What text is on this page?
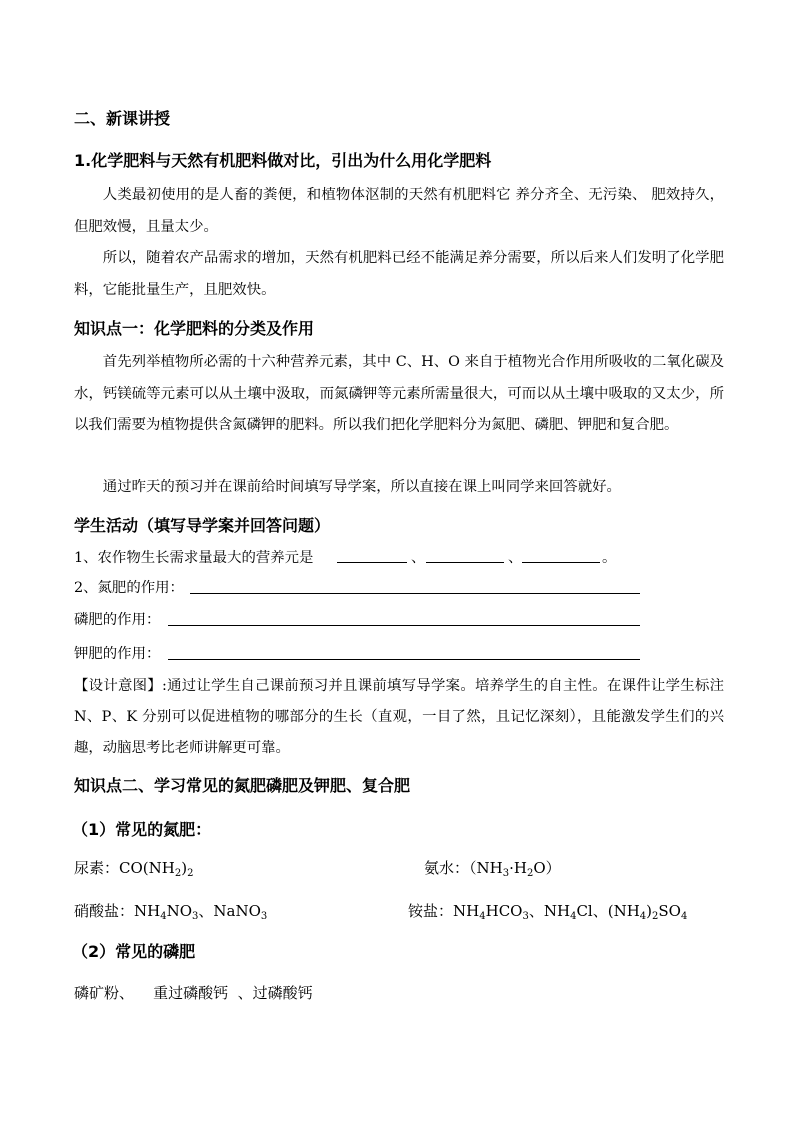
二、新课讲授
1.化学肥料与天然有机肥料做对比，引出为什么用化学肥料

人类最初使用的是人畜的粪便，和植物体沤制的天然有机肥料它 养分齐全、无污染、 肥效持久，但肥效慢，且量太少。

所以，随着农产品需求的增加，天然有机肥料已经不能满足养分需要，所以后来人们发明了化学肥料，它能批量生产，且肥效快。

知识点一：化学肥料的分类及作用

首先列举植物所必需的十六种营养元素，其中 C、H、O 来自于植物光合作用所吸收的二氧化碳及水，钙镁硫等元素可以从土壤中汲取，而氮磷钾等元素所需量很大，可而以从土壤中吸取的又太少，所以我们需要为植物提供含氮磷钾的肥料。所以我们把化学肥料分为氮肥、磷肥、钾肥和复合肥。

通过昨天的预习并在课前给时间填写导学案，所以直接在课上叫同学来回答就好。

学生活动（填写导学案并回答问题）
1、农作物生长需求量最大的营养元是	、	、	。
2、氮肥的作用：
磷肥的作用：
钾肥的作用：

【设计意图】:通过让学生自己课前预习并且课前填写导学案。培养学生的自主性。在课件让学生标注 N、P、K 分别可以促进植物的哪部分的生长（直观，一目了然，且记忆深刻），且能激发学生们的兴趣，动脑思考比老师讲解更可靠。

知识点二、学习常见的氮肥磷肥及钾肥、复合肥
（1）常见的氮肥：
尿素：$CO(NH_2)_2$	氨水：$(NH_3\cdot H_2O)$
硝酸盐：$NH_4NO_3$、NaNO$_3$	铵盐：$NH_4HCO_3$、$NH_4Cl$、$(NH_4)_2SO_4$
（2）常见的磷肥
磷矿粉、    重过磷酸钙  、过磷酸钙
